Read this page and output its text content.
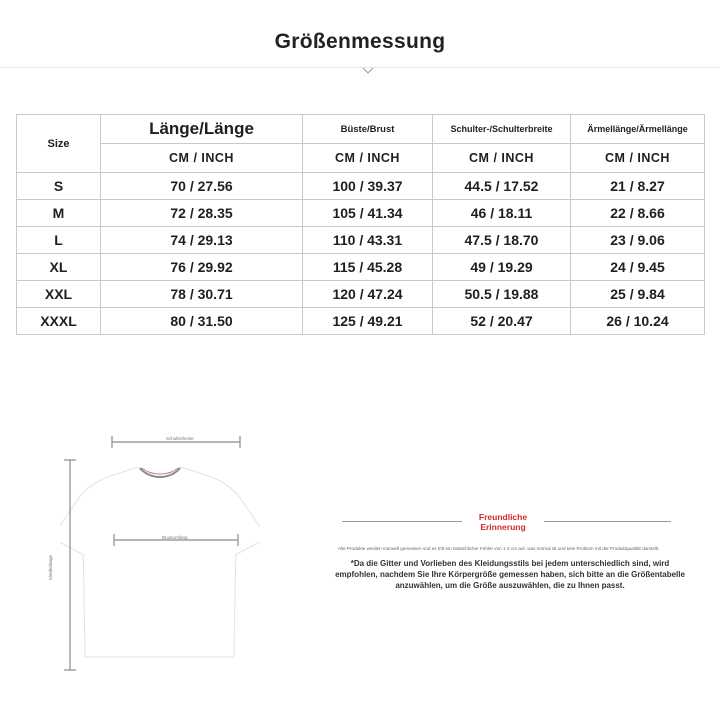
Größenmessung
Size	Länge/Länge	Büste/Brust	Schulter-/Schulterbreite	Ärmellänge/Ärmellänge
	CM / INCH	CM / INCH	CM / INCH	CM / INCH
S	70 / 27.56	100 / 39.37	44.5 / 17.52	21 / 8.27
M	72 / 28.35	105 / 41.34	46 / 18.11	22 / 8.66
L	74 / 29.13	110 / 43.31	47.5 / 18.70	23 / 9.06
XL	76 / 29.92	115 / 45.28	49 / 19.29	24 / 9.45
XXL	78 / 30.71	120 / 47.24	50.5 / 19.88	25 / 9.84
XXXL	80 / 31.50	125 / 49.21	52 / 20.47	26 / 10.24
Schulterbreite
Brustumfang
Kleiderlänge
Freundliche Erinnerung
Alle Produkte werden manuell gemessen und es tritt ein tatsächlicher Fehler von 1-3 cm auf, was normal ist und kein Problem mit der Produktqualität darstellt.
*Da die Gitter und Vorlieben des Kleidungsstils bei jedem unterschiedlich sind, wird empfohlen, nachdem Sie Ihre Körpergröße gemessen haben, sich bitte an die Größentabelle anzuwählen, um die Größe auszuwählen, die zu Ihnen passt.
